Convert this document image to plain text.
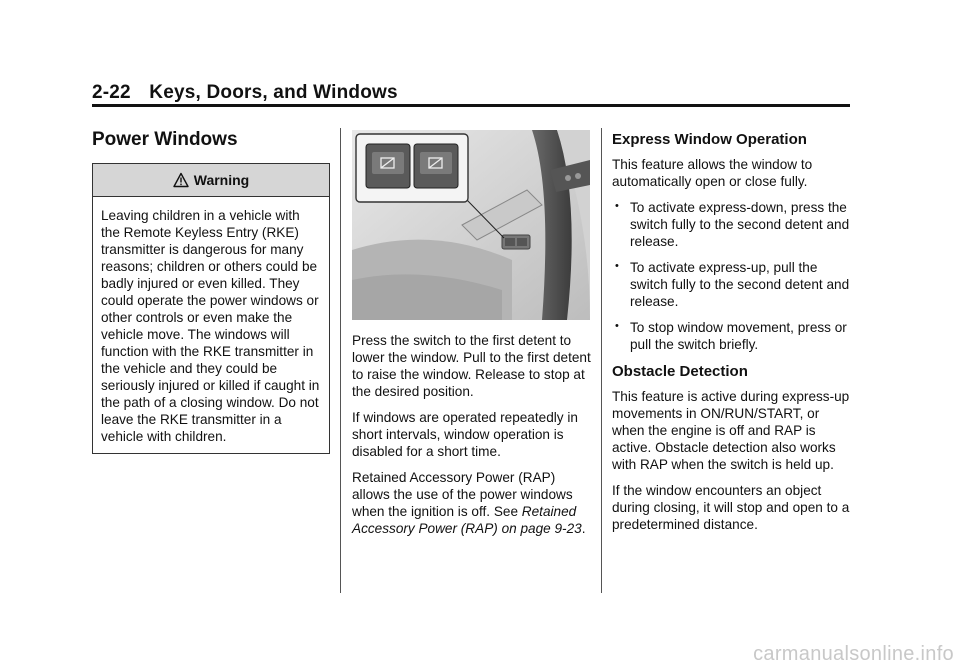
2-22 Keys, Doors, and Windows
Power Windows
Warning
Leaving children in a vehicle with the Remote Keyless Entry (RKE) transmitter is dangerous for many reasons; children or others could be badly injured or even killed. They could operate the power windows or other controls or even make the vehicle move. The windows will function with the RKE transmitter in the vehicle and they could be seriously injured or killed if caught in the path of a closing window. Do not leave the RKE transmitter in a vehicle with children.

Press the switch to the first detent to lower the window. Pull to the first detent to raise the window. Release to stop at the desired position.

If windows are operated repeatedly in short intervals, window operation is disabled for a short time.

Retained Accessory Power (RAP) allows the use of the power windows when the ignition is off. See Retained Accessory Power (RAP) on page 9-23.

Express Window Operation

This feature allows the window to automatically open or close fully.

• To activate express-down, press the switch fully to the second detent and release.
• To activate express-up, pull the switch fully to the second detent and release.
• To stop window movement, press or pull the switch briefly.
Obstacle Detection

This feature is active during express-up movements in ON/RUN/START, or when the engine is off and RAP is active. Obstacle detection also works with RAP when the switch is held up.

If the window encounters an object during closing, it will stop and open to a predetermined distance.

carmanualsonline.info
